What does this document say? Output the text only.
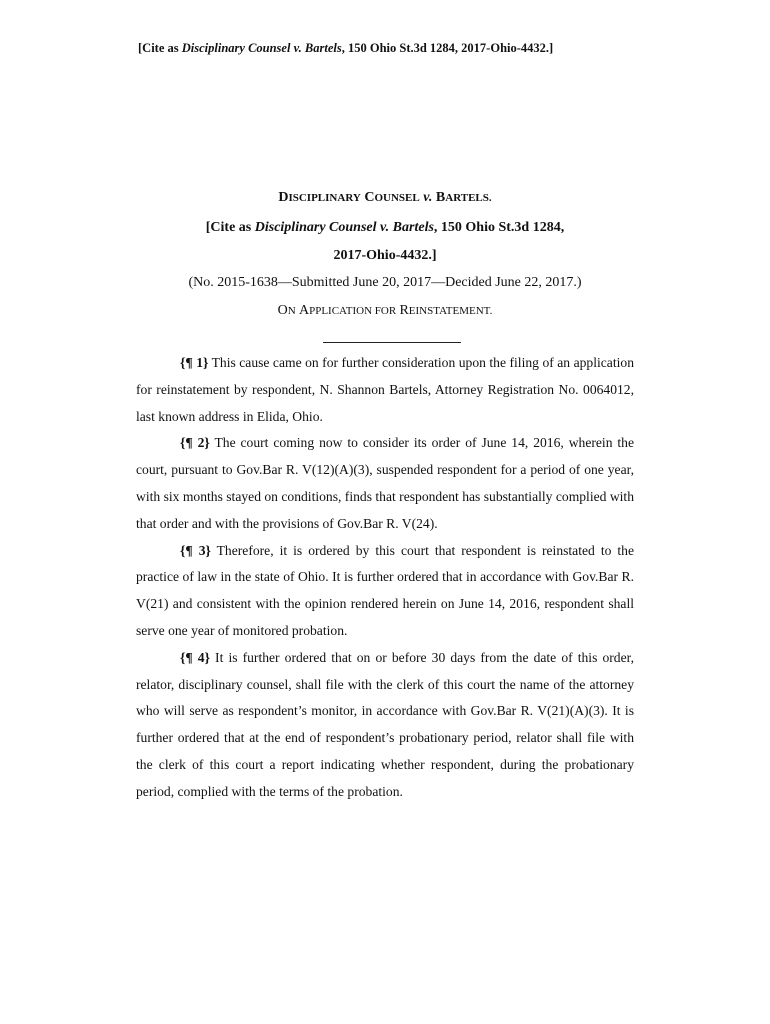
[Cite as Disciplinary Counsel v. Bartels, 150 Ohio St.3d 1284, 2017-Ohio-4432.]
DISCIPLINARY COUNSEL v. BARTELS.
[Cite as Disciplinary Counsel v. Bartels, 150 Ohio St.3d 1284,
2017-Ohio-4432.]
(No. 2015-1638—Submitted June 20, 2017—Decided June 22, 2017.)
ON APPLICATION FOR REINSTATEMENT.

{¶ 1} This cause came on for further consideration upon the filing of an application for reinstatement by respondent, N. Shannon Bartels, Attorney Registration No. 0064012, last known address in Elida, Ohio.

{¶ 2} The court coming now to consider its order of June 14, 2016, wherein the court, pursuant to Gov.Bar R. V(12)(A)(3), suspended respondent for a period of one year, with six months stayed on conditions, finds that respondent has substantially complied with that order and with the provisions of Gov.Bar R. V(24).

{¶ 3} Therefore, it is ordered by this court that respondent is reinstated to the practice of law in the state of Ohio. It is further ordered that in accordance with Gov.Bar R. V(21) and consistent with the opinion rendered herein on June 14, 2016, respondent shall serve one year of monitored probation.

{¶ 4} It is further ordered that on or before 30 days from the date of this order, relator, disciplinary counsel, shall file with the clerk of this court the name of the attorney who will serve as respondent’s monitor, in accordance with Gov.Bar R. V(21)(A)(3). It is further ordered that at the end of respondent’s probationary period, relator shall file with the clerk of this court a report indicating whether respondent, during the probationary period, complied with the terms of the probation.
